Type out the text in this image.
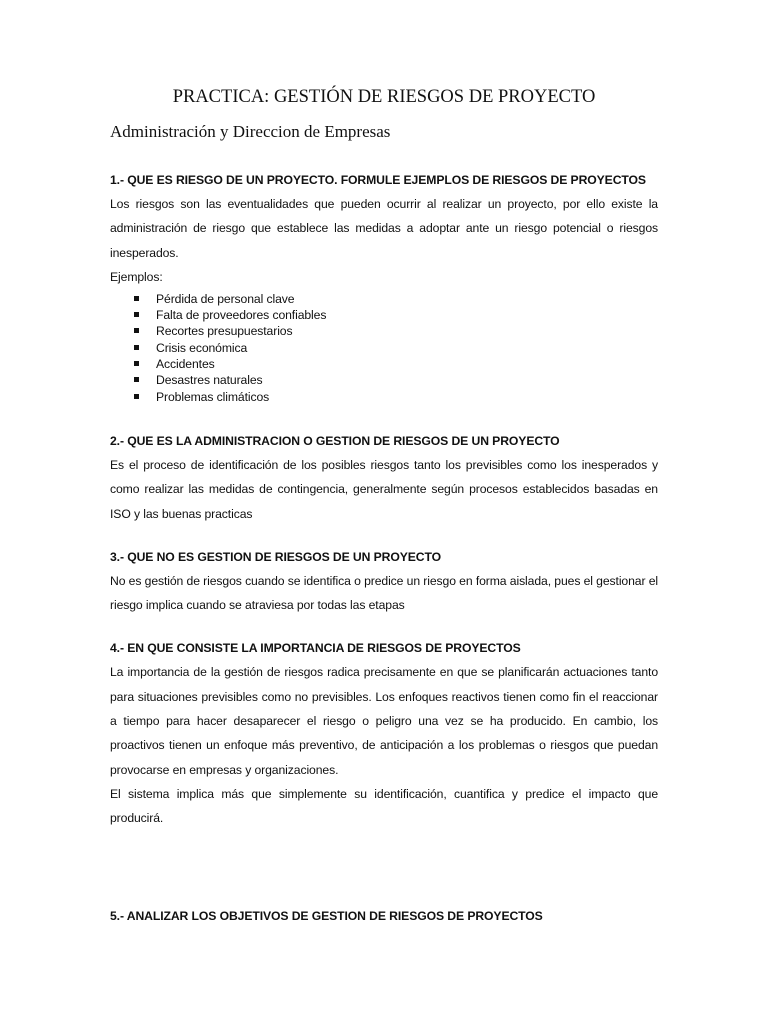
PRACTICA: GESTIÓN DE RIESGOS DE PROYECTO
Administración y Direccion de Empresas
1.- QUE ES RIESGO DE UN PROYECTO. FORMULE EJEMPLOS DE RIESGOS DE PROYECTOS

Los riesgos son las eventualidades que pueden ocurrir al realizar un proyecto, por ello existe la administración de riesgo que establece las medidas a adoptar ante un riesgo potencial o riesgos inesperados.

Ejemplos:

Pérdida de personal clave
Falta de proveedores confiables
Recortes presupuestarios
Crisis económica
Accidentes
Desastres naturales
Problemas climáticos
2.- QUE ES LA ADMINISTRACION O GESTION DE RIESGOS DE UN PROYECTO

Es el proceso de identificación de los posibles riesgos tanto los previsibles como los inesperados y como realizar las medidas de contingencia, generalmente según procesos establecidos basadas en ISO y las buenas practicas

3.- QUE NO ES GESTION DE RIESGOS DE UN PROYECTO

No es gestión de riesgos cuando se identifica o predice un riesgo en forma aislada, pues el gestionar el riesgo implica cuando se atraviesa por todas las etapas

4.- EN QUE CONSISTE LA IMPORTANCIA DE RIESGOS DE PROYECTOS

La importancia de la gestión de riesgos radica precisamente en que se planificarán actuaciones tanto para situaciones previsibles como no previsibles. Los enfoques reactivos tienen como fin el reaccionar a tiempo para hacer desaparecer el riesgo o peligro una vez se ha producido. En cambio, los proactivos tienen un enfoque más preventivo, de anticipación a los problemas o riesgos que puedan provocarse en empresas y organizaciones.

El sistema implica más que simplemente su identificación, cuantifica y predice el impacto que producirá.

5.- ANALIZAR LOS OBJETIVOS DE GESTION DE RIESGOS DE PROYECTOS
